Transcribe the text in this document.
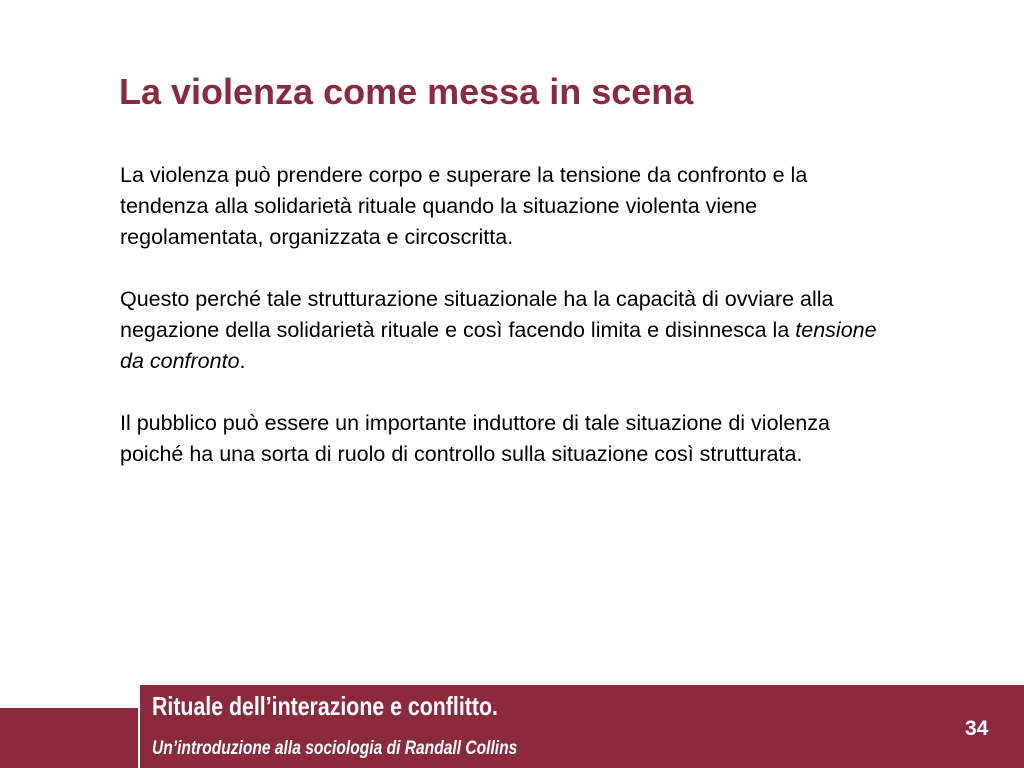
La violenza come messa in scena

La violenza può prendere corpo e superare la tensione da confronto e la tendenza alla solidarietà rituale quando la situazione violenta viene regolamentata, organizzata e circoscritta.

Questo perché tale strutturazione situazionale ha la capacità di ovviare alla negazione della solidarietà rituale e così facendo limita e disinnesca la tensione da confronto.

Il pubblico può essere un importante induttore di tale situazione di violenza poiché ha una sorta di ruolo di controllo sulla situazione così strutturata.

Rituale dell’interazione e conflitto.
Un’introduzione alla sociologia di Randall Collins
34
